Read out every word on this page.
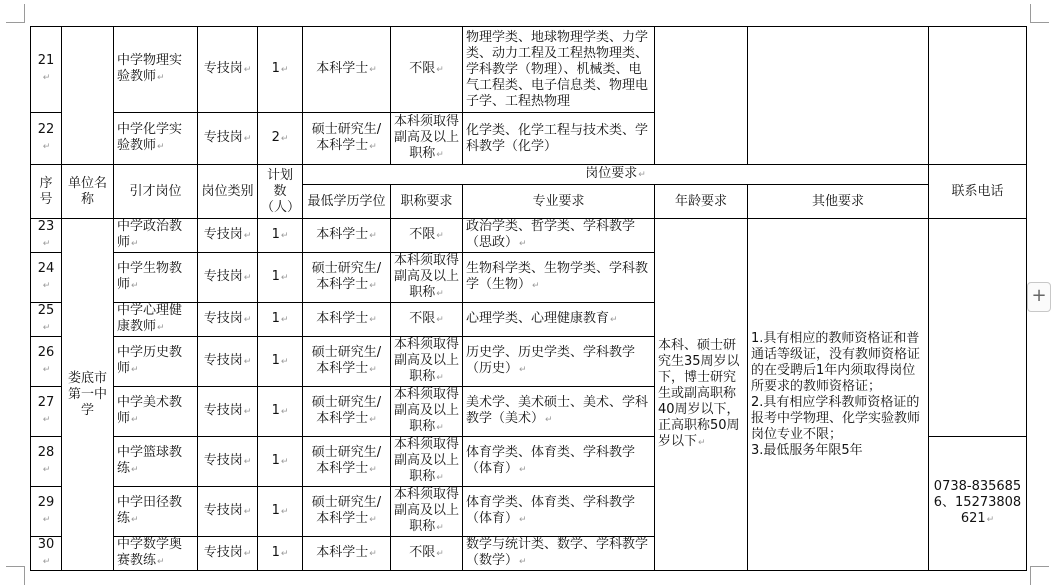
+
21↵		中学物理实验教师↵	专技岗↵	1↵	本科学士↵	不限↵	物理学类、地球物理学类、力学类、动力工程及工程热物理类、学科教学（物理）、机械类、电气工程类、电子信息类、物理电子学、工程热物理			
22↵		中学化学实验教师↵	专技岗↵	2↵	硕士研究生/本科学士↵	本科须取得副高及以上职称↵	化学类、化学工程与技术类、学科教学（化学）			
序号	单位名称	引才岗位	岗位类别	计划数（人）	岗位要求↵					联系电话
					最低学历学位	职称要求	专业要求	年龄要求	其他要求	
23↵	娄底市第一中学	中学政治教师↵	专技岗↵	1↵	本科学士↵	不限↵	政治学类、哲学类、学科教学（思政）↵	本科、硕士研究生35周岁以下，博士研究生或副高职称40周岁以下，正高职称50周岁以下↵	1.具有相应的教师资格证和普通话等级证，没有教师资格证的在受聘后1年内须取得岗位所要求的教师资格证；
2.具有相应学科教师资格证的报考中学物理、化学实验教师岗位专业不限；
3.最低服务年限5年	
24↵		中学生物教师↵	专技岗↵	1↵	硕士研究生/本科学士↵	本科须取得副高及以上职称↵	生物科学类、生物学类、学科教学（生物）↵			
25↵		中学心理健康教师↵	专技岗↵	1↵	本科学士↵	不限↵	心理学类、心理健康教育↵			
26↵		中学历史教师↵	专技岗↵	1↵	硕士研究生/本科学士↵	本科须取得副高及以上职称↵	历史学、历史学类、学科教学（历史）↵			
27↵		中学美术教师↵	专技岗↵	1↵	硕士研究生/本科学士↵	本科须取得副高及以上职称↵	美术学、美术硕士、美术、学科教学（美术）↵			
28↵		中学篮球教练↵	专技岗↵	1↵	硕士研究生/本科学士↵	本科须取得副高及以上职称↵	体育学类、体育类、学科教学（体育）↵			0738-8356856、15273808621↵
29↵		中学田径教练↵	专技岗↵	1↵	硕士研究生/本科学士↵	本科须取得副高及以上职称↵	体育学类、体育类、学科教学（体育）↵			
30↵		中学数学奥赛教练↵	专技岗↵	1↵	本科学士↵	不限↵	数学与统计类、数学、学科教学（数学）↵			
